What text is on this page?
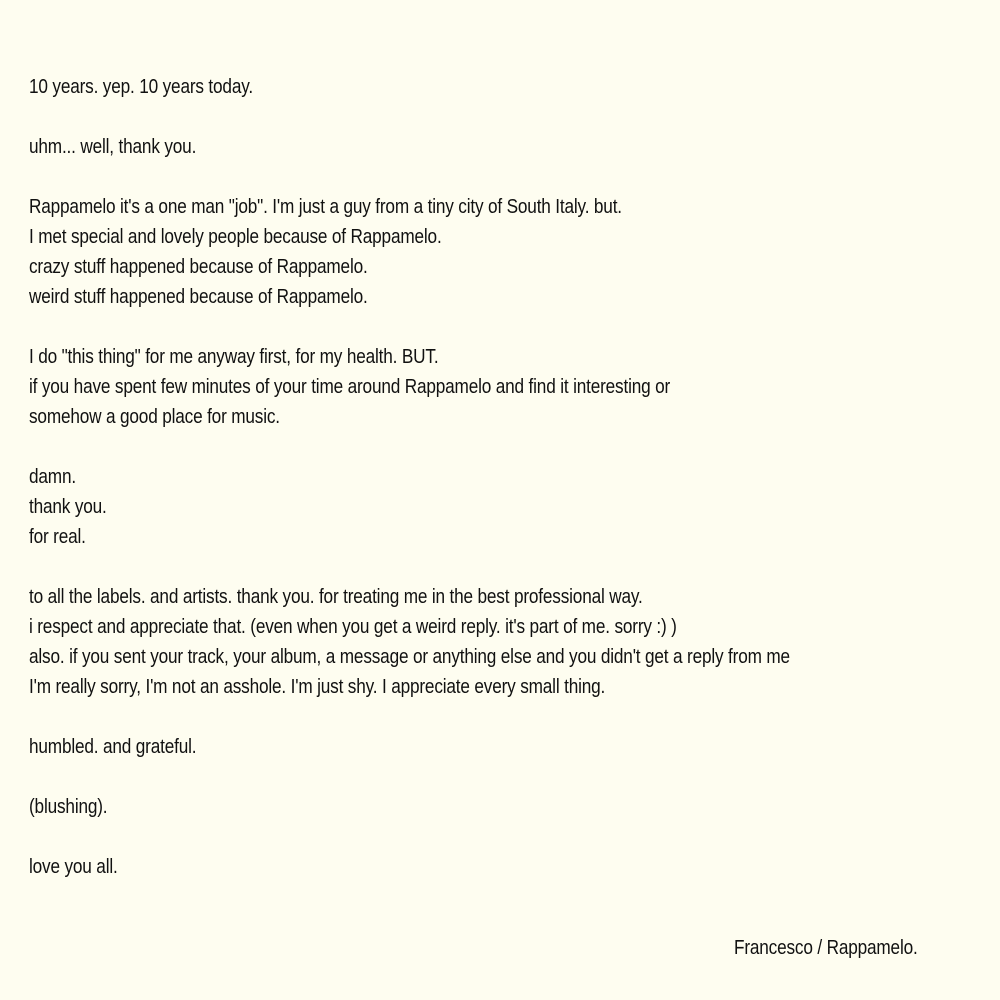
10 years. yep. 10 years today.
uhm... well, thank you.
Rappamelo it's a one man "job". I'm just a guy from a tiny city of South Italy. but.
I met special and lovely people because of Rappamelo.
crazy stuff happened because of Rappamelo.
weird stuff happened because of Rappamelo.
I do "this thing" for me anyway first, for my health. BUT.
if you have spent few minutes of your time around Rappamelo and find it interesting or
somehow a good place for music.
damn.
thank you.
for real.
to all the labels. and artists. thank you. for treating me in the best professional way.
i respect and appreciate that. (even when you get a weird reply. it's part of me. sorry :) )
also. if you sent your track, your album, a message or anything else and you didn't get a reply from me
I'm really sorry, I'm not an asshole. I'm just shy. I appreciate every small thing.
humbled. and grateful.
(blushing).
love you all.
Francesco / Rappamelo.
